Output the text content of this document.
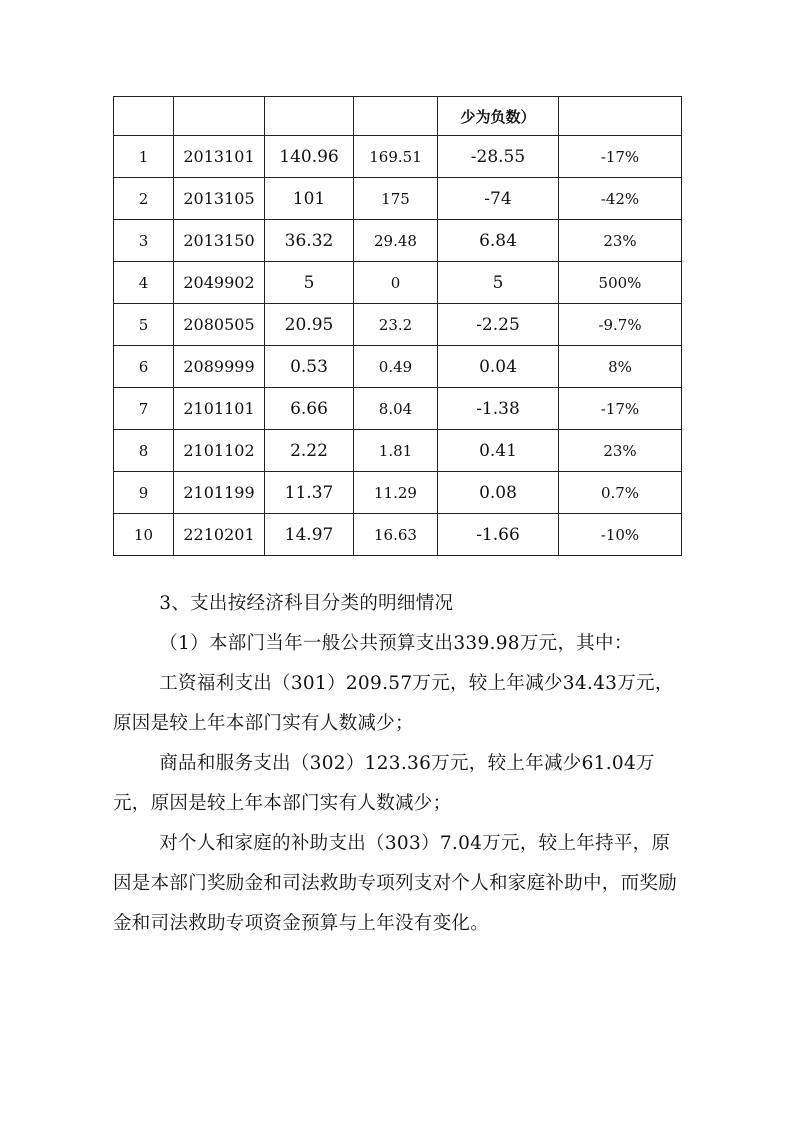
				少为负数）	
1	2013101	140.96	169.51	-28.55	-17%
2	2013105	101	175	-74	-42%
3	2013150	36.32	29.48	6.84	23%
4	2049902	5	0	5	500%
5	2080505	20.95	23.2	-2.25	-9.7%
6	2089999	0.53	0.49	0.04	8%
7	2101101	6.66	8.04	-1.38	-17%
8	2101102	2.22	1.81	0.41	23%
9	2101199	11.37	11.29	0.08	0.7%
10	2210201	14.97	16.63	-1.66	-10%

3、支出按经济科目分类的明细情况

（1）本部门当年一般公共预算支出339.98万元，其中：

工资福利支出（301）209.57万元，较上年减少34.43万元，原因是较上年本部门实有人数减少；

商品和服务支出（302）123.36万元，较上年减少61.04万元，原因是较上年本部门实有人数减少；

对个人和家庭的补助支出（303）7.04万元，较上年持平，原因是本部门奖励金和司法救助专项列支对个人和家庭补助中，而奖励金和司法救助专项资金预算与上年没有变化。
